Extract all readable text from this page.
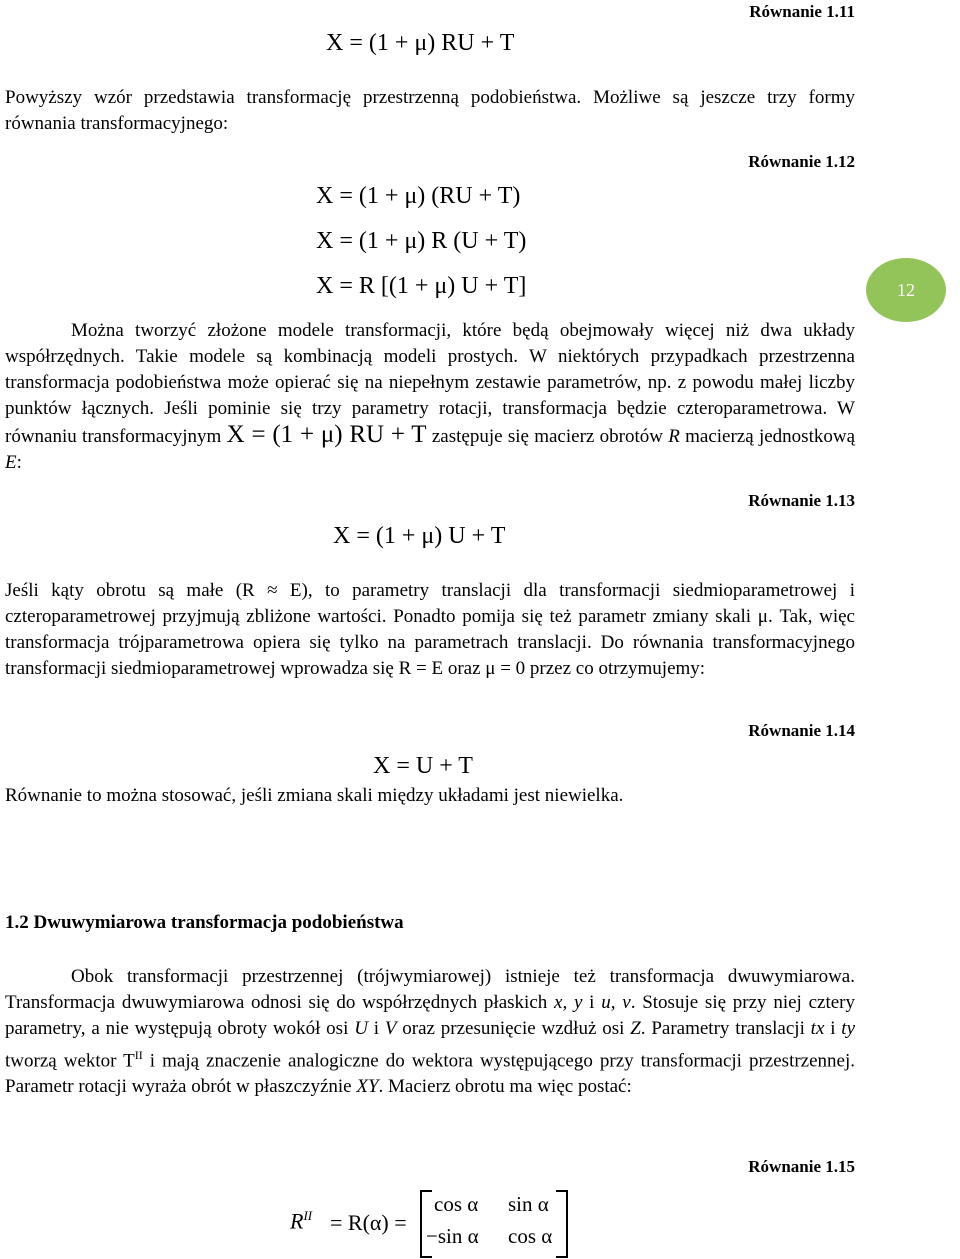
Równanie 1.11
X = (1 + μ) RU + T
Powyższy wzór przedstawia transformację przestrzenną podobieństwa. Możliwe są jeszcze trzy formy równania transformacyjnego:
Równanie 1.12
X = (1 + μ) (RU + T)
X = (1 + μ) R (U + T)
X = R [(1 + μ) U + T]	12
Można tworzyć złożone modele transformacji, które będą obejmowały więcej niż dwa układy współrzędnych. Takie modele są kombinacją modeli prostych. W niektórych przypadkach przestrzenna transformacja podobieństwa może opierać się na niepełnym zestawie parametrów, np. z powodu małej liczby punktów łącznych. Jeśli pominie się trzy parametry rotacji, transformacja będzie czteroparametrowa. W równaniu transformacyjnym X = (1 + μ) RU + T zastępuje się macierz obrotów R macierzą jednostkową E:
Równanie 1.13
X = (1 + μ) U + T
Jeśli kąty obrotu są małe (R ≈ E), to parametry translacji dla transformacji siedmioparametrowej i czteroparametrowej przyjmują zbliżone wartości. Ponadto pomija się też parametr zmiany skali μ. Tak, więc transformacja trójparametrowa opiera się tylko na parametrach translacji. Do równania transformacyjnego transformacji siedmioparametrowej wprowadza się R = E oraz μ = 0 przez co otrzymujemy:
Równanie 1.14
X = U + T
Równanie to można stosować, jeśli zmiana skali między układami jest niewielka.
1.2 Dwuwymiarowa transformacja podobieństwa
Obok transformacji przestrzennej (trójwymiarowej) istnieje też transformacja dwuwymiarowa. Transformacja dwuwymiarowa odnosi się do współrzędnych płaskich x, y i u, v. Stosuje się przy niej cztery parametry, a nie występują obroty wokół osi U i V oraz przesunięcie wzdłuż osi Z. Parametry translacji tx i ty tworzą wektor $T^{II}$ i mają znaczenie analogiczne do wektora występującego przy transformacji przestrzennej. Parametr rotacji wyraża obrót w płaszczyźnie XY. Macierz obrotu ma więc postać:
Równanie 1.15
$R^{II} = R(\alpha)$ =
cos α sin α
−sin α cos α
